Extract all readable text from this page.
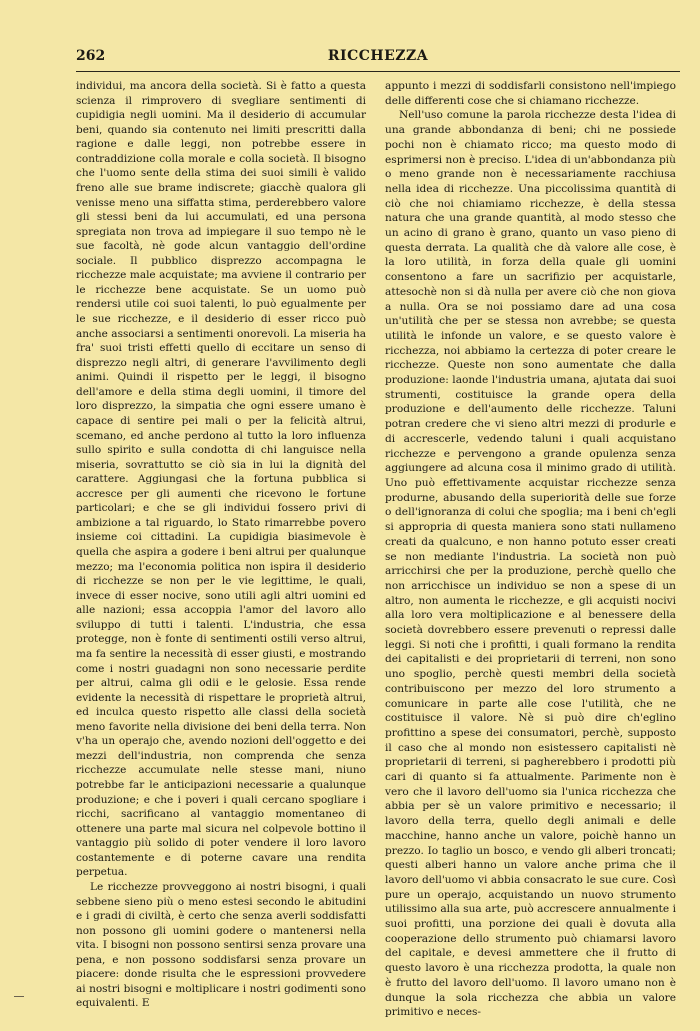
262	RICCHEZZA

individui, ma ancora della società. Si è fatto a questa scienza il rimprovero di svegliare sentimenti di cupidigia negli uomini. Ma il desiderio di accumular beni, quando sia contenuto nei limiti prescritti dalla ragione e dalle leggi, non potrebbe essere in contraddizione colla morale e colla società. Il bisogno che l'uomo sente della stima dei suoi simili è valido freno alle sue brame indiscrete; giacchè qualora gli venisse meno una siffatta stima, perderebbero valore gli stessi beni da lui accumulati, ed una persona spregiata non trova ad impiegare il suo tempo nè le sue facoltà, nè gode alcun vantaggio dell'ordine sociale. Il pubblico disprezzo accompagna le ricchezze male acquistate; ma avviene il contrario per le ricchezze bene acquistate. Se un uomo può rendersi utile coi suoi talenti, lo può egualmente per le sue ricchezze, e il desiderio di esser ricco può anche associarsi a sentimenti onorevoli. La miseria ha fra' suoi tristi effetti quello di eccitare un senso di disprezzo negli altri, di generare l'avvilimento degli animi. Quindi il rispetto per le leggi, il bisogno dell'amore e della stima degli uomini, il timore del loro disprezzo, la simpatia che ogni essere umano è capace di sentire pei mali o per la felicità altrui, scemano, ed anche perdono al tutto la loro influenza sullo spirito e sulla condotta di chi languisce nella miseria, sovrattutto se ciò sia in lui la dignità del carattere. Aggiungasi che la fortuna pubblica si accresce per gli aumenti che ricevono le fortune particolari; e che se gli individui fossero privi di ambizione a tal riguardo, lo Stato rimarrebbe povero insieme coi cittadini. La cupidigia biasimevole è quella che aspira a godere i beni altrui per qualunque mezzo; ma l'economia politica non ispira il desiderio di ricchezze se non per le vie legittime, le quali, invece di esser nocive, sono utili agli altri uomini ed alle nazioni; essa accoppia l'amor del lavoro allo sviluppo di tutti i talenti. L'industria, che essa protegge, non è fonte di sentimenti ostili verso altrui, ma fa sentire la necessità di esser giusti, e mostrando come i nostri guadagni non sono necessarie perdite per altrui, calma gli odii e le gelosie. Essa rende evidente la necessità di rispettare le proprietà altrui, ed inculca questo rispetto alle classi della società meno favorite nella divisione dei beni della terra. Non v'ha un operajo che, avendo nozioni dell'oggetto e dei mezzi dell'industria, non comprenda che senza ricchezze accumulate nelle stesse mani, niuno potrebbe far le anticipazioni necessarie a qualunque produzione; e che i poveri i quali cercano spogliare i ricchi, sacrificano al vantaggio momentaneo di ottenere una parte mal sicura nel colpevole bottino il vantaggio più solido di poter vendere il loro lavoro costantemente e di poterne cavare una rendita perpetua.

Le ricchezze provveggono ai nostri bisogni, i quali sebbene sieno più o meno estesi secondo le abitudini e i gradi di civiltà, è certo che senza averli soddisfatti non possono gli uomini godere o mantenersi nella vita. I bisogni non possono sentirsi senza provare una pena, e non possono soddisfarsi senza provare un piacere: donde risulta che le espressioni provvedere ai nostri bisogni e moltiplicare i nostri godimenti sono equivalenti. E

appunto i mezzi di soddisfarli consistono nell'impiego delle differenti cose che si chiamano ricchezze.

Nell'uso comune la parola ricchezze desta l'idea di una grande abbondanza di beni; chi ne possiede pochi non è chiamato ricco; ma questo modo di esprimersi non è preciso. L'idea di un'abbondanza più o meno grande non è necessariamente racchiusa nella idea di ricchezze. Una piccolissima quantità di ciò che noi chiamiamo ricchezze, è della stessa natura che una grande quantità, al modo stesso che un acino di grano è grano, quanto un vaso pieno di questa derrata. La qualità che dà valore alle cose, è la loro utilità, in forza della quale gli uomini consentono a fare un sacrifizio per acquistarle, attesochè non si dà nulla per avere ciò che non giova a nulla. Ora se noi possiamo dare ad una cosa un'utilità che per se stessa non avrebbe; se questa utilità le infonde un valore, e se questo valore è ricchezza, noi abbiamo la certezza di poter creare le ricchezze. Queste non sono aumentate che dalla produzione: laonde l'industria umana, ajutata dai suoi strumenti, costituisce la grande opera della produzione e dell'aumento delle ricchezze. Taluni potran credere che vi sieno altri mezzi di produrle e di accrescerle, vedendo taluni i quali acquistano ricchezze e pervengono a grande opulenza senza aggiungere ad alcuna cosa il minimo grado di utilità. Uno può effettivamente acquistar ricchezze senza produrne, abusando della superiorità delle sue forze o dell'ignoranza di colui che spoglia; ma i beni ch'egli si appropria di questa maniera sono stati nullameno creati da qualcuno, e non hanno potuto esser creati se non mediante l'industria. La società non può arricchirsi che per la produzione, perchè quello che non arricchisce un individuo se non a spese di un altro, non aumenta le ricchezze, e gli acquisti nocivi alla loro vera moltiplicazione e al benessere della società dovrebbero essere prevenuti o repressi dalle leggi. Si noti che i profitti, i quali formano la rendita dei capitalisti e dei proprietarii di terreni, non sono uno spoglio, perchè questi membri della società contribuiscono per mezzo del loro strumento a comunicare in parte alle cose l'utilità, che ne costituisce il valore. Nè si può dire ch'eglino profittino a spese dei consumatori, perchè, supposto il caso che al mondo non esistessero capitalisti nè proprietarii di terreni, si pagherebbero i prodotti più cari di quanto si fa attualmente. Parimente non è vero che il lavoro dell'uomo sia l'unica ricchezza che abbia per sè un valore primitivo e necessario; il lavoro della terra, quello degli animali e delle macchine, hanno anche un valore, poichè hanno un prezzo. Io taglio un bosco, e vendo gli alberi troncati; questi alberi hanno un valore anche prima che il lavoro dell'uomo vi abbia consacrato le sue cure. Così pure un operajo, acquistando un nuovo strumento utilissimo alla sua arte, può accrescere annualmente i suoi profitti, una porzione dei quali è dovuta alla cooperazione dello strumento può chiamarsi lavoro del capitale, e devesi ammettere che il frutto di questo lavoro è una ricchezza prodotta, la quale non è frutto del lavoro dell'uomo. Il lavoro umano non è dunque la sola ricchezza che abbia un valore primitivo e neces-
